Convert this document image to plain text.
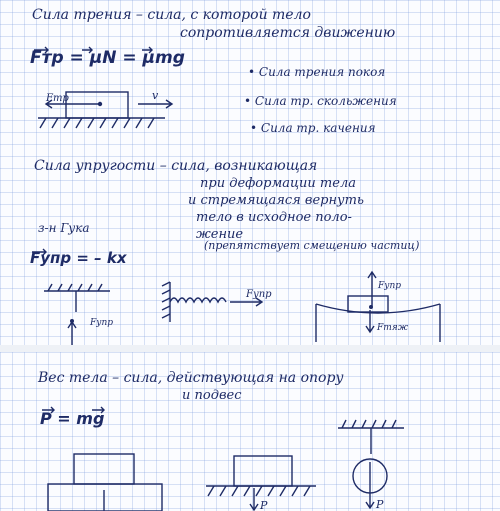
Сила трения – сила, с которой тело

сопротивляется движению

Fтр = μN = μmg

• Сила трения покоя

• Сила тр. скольжения

• Сила тр. качения

Сила упругости – сила, возникающая

при деформации тела

и стремящаяся вернуть

тело в исходное поло-

жение

(препятствует смещению частиц)

з-н Гука

Fупр = – kx

Fтр	v
Fупр
Fупр
Fупр
Fтяж

Вес тела – сила, действующая на опору

и подвес

P = mg

P	P
